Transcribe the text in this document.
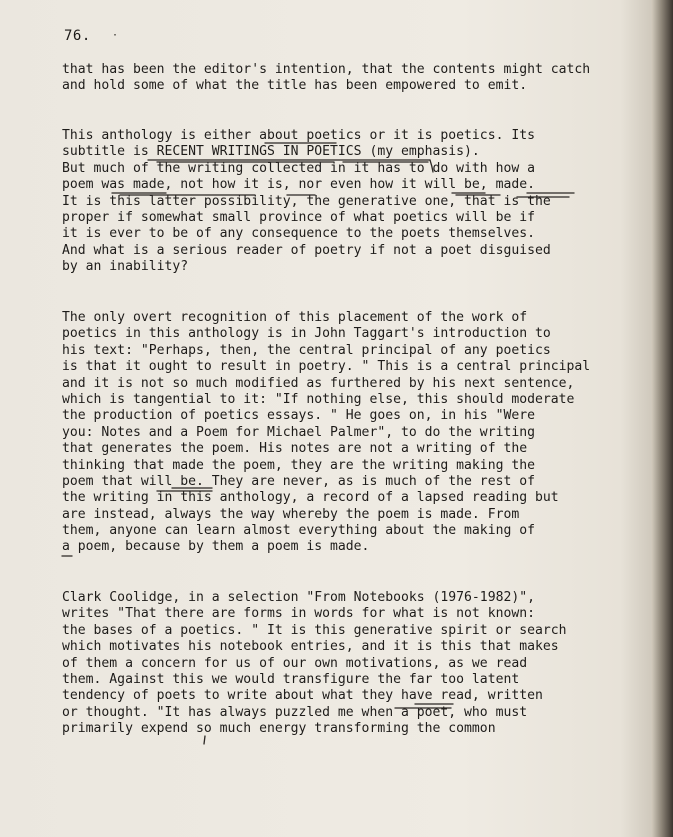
76. ·
that has been the editor's intention, that the contents might catch
and hold some of what the title has been empowered to emit.
This anthology is either about poetics or it is poetics. Its
subtitle is RECENT WRITINGS IN POETICS (my emphasis).
But much of the writing collected in it has to do with how a
poem was made, not how it is, nor even how it will be, made.
It is this latter possibility, the generative one, that is the
proper if somewhat small province of what poetics will be if
it is ever to be of any consequence to the poets themselves.
And what is a serious reader of poetry if not a poet disguised
by an inability?
The only overt recognition of this placement of the work of
poetics in this anthology is in John Taggart's introduction to
his text: "Perhaps, then, the central principal of any poetics
is that it ought to result in poetry. " This is a central principal
and it is not so much modified as furthered by his next sentence,
which is tangential to it: "If nothing else, this should moderate
the production of poetics essays. " He goes on, in his "Were
you: Notes and a Poem for Michael Palmer", to do the writing
that generates the poem. His notes are not a writing of the
thinking that made the poem, they are the writing making the
poem that will be. They are never, as is much of the rest of
the writing in this anthology, a record of a lapsed reading but
are instead, always the way whereby the poem is made. From
them, anyone can learn almost everything about the making of
a poem, because by them a poem is made.
Clark Coolidge, in a selection "From Notebooks (1976-1982)",
writes "That there are forms in words for what is not known:
the bases of a poetics. " It is this generative spirit or search
which motivates his notebook entries, and it is this that makes
of them a concern for us of our own motivations, as we read
them. Against this we would transfigure the far too latent
tendency of poets to write about what they have read, written
or thought. "It has always puzzled me when a poet, who must
primarily expend so much energy transforming the common
